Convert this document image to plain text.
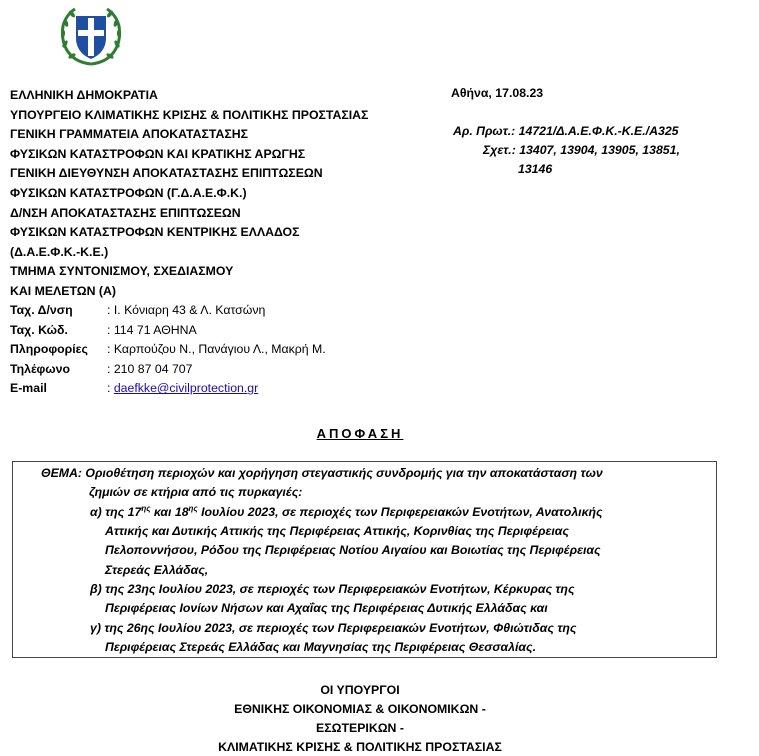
ΕΛΛΗΝΙΚΗ ΔΗΜΟΚΡΑΤΙΑ
ΥΠΟΥΡΓΕΙΟ ΚΛΙΜΑΤΙΚΗΣ ΚΡΙΣΗΣ & ΠΟΛΙΤΙΚΗΣ ΠΡΟΣΤΑΣΙΑΣ
ΓΕΝΙΚΗ ΓΡΑΜΜΑΤΕΙΑ ΑΠΟΚΑΤΑΣΤΑΣΗΣ
ΦΥΣΙΚΩΝ ΚΑΤΑΣΤΡΟΦΩΝ ΚΑΙ ΚΡΑΤΙΚΗΣ ΑΡΩΓΗΣ
ΓΕΝΙΚΗ ΔΙΕΥΘΥΝΣΗ ΑΠΟΚΑΤΑΣΤΑΣΗΣ ΕΠΙΠΤΩΣΕΩΝ
ΦΥΣΙΚΩΝ ΚΑΤΑΣΤΡΟΦΩΝ (Γ.Δ.Α.Ε.Φ.Κ.)
Δ/ΝΣΗ ΑΠΟΚΑΤΑΣΤΑΣΗΣ ΕΠΙΠΤΩΣΕΩΝ
ΦΥΣΙΚΩΝ ΚΑΤΑΣΤΡΟΦΩΝ ΚΕΝΤΡΙΚΗΣ ΕΛΛΑΔΟΣ
(Δ.Α.Ε.Φ.Κ.-Κ.Ε.)
ΤΜΗΜΑ ΣΥΝΤΟΝΙΣΜΟΥ, ΣΧΕΔΙΑΣΜΟΥ
ΚΑΙ ΜΕΛΕΤΩΝ (Α)
Ταχ. Δ/νση	: Ι. Κόνιαρη 43 & Λ. Κατσώνη
Ταχ. Κώδ.	: 114 71 ΑΘΗΝΑ
Πληροφορίες : Καρπούζου Ν., Πανάγιου Λ., Μακρή Μ.
Τηλέφωνο	: 210 87 04 707
E-mail	: daefkke@civilprotection.gr
Αθήνα, 17.08.23
Αρ. Πρωτ.: 14721/Δ.Α.Ε.Φ.Κ.-Κ.Ε./Α325
Σχετ.: 13407, 13904, 13905, 13851,
13146
ΑΠΟΦΑΣΗ
ΘΕΜΑ: Οριοθέτηση περιοχών και χορήγηση στεγαστικής συνδρομής για την αποκατάσταση των
ζημιών σε κτήρια από τις πυρκαγιές:
α) της $17^{\eta\varsigma}$ και $18^{\eta\varsigma}$ Ιουλίου 2023, σε περιοχές των Περιφερειακών Ενοτήτων, Ανατολικής
Αττικής και Δυτικής Αττικής της Περιφέρειας Αττικής, Κορινθίας της Περιφέρειας
Πελοποννήσου, Ρόδου της Περιφέρειας Νοτίου Αιγαίου και Βοιωτίας της Περιφέρειας
Στερεάς Ελλάδας,
β) της 23ης Ιουλίου 2023, σε περιοχές των Περιφερειακών Ενοτήτων, Κέρκυρας της
Περιφέρειας Ιονίων Νήσων και Αχαΐας της Περιφέρειας Δυτικής Ελλάδας και
γ) της 26ης Ιουλίου 2023, σε περιοχές των Περιφερειακών Ενοτήτων, Φθιώτιδας της
Περιφέρειας Στερεάς Ελλάδας και Μαγνησίας της Περιφέρειας Θεσσαλίας.
ΟΙ ΥΠΟΥΡΓΟΙ
ΕΘΝΙΚΗΣ ΟΙΚΟΝΟΜΙΑΣ & ΟΙΚΟΝΟΜΙΚΩΝ -
ΕΣΩΤΕΡΙΚΩΝ -
ΚΛΙΜΑΤΙΚΗΣ ΚΡΙΣΗΣ & ΠΟΛΙΤΙΚΗΣ ΠΡΟΣΤΑΣΙΑΣ
